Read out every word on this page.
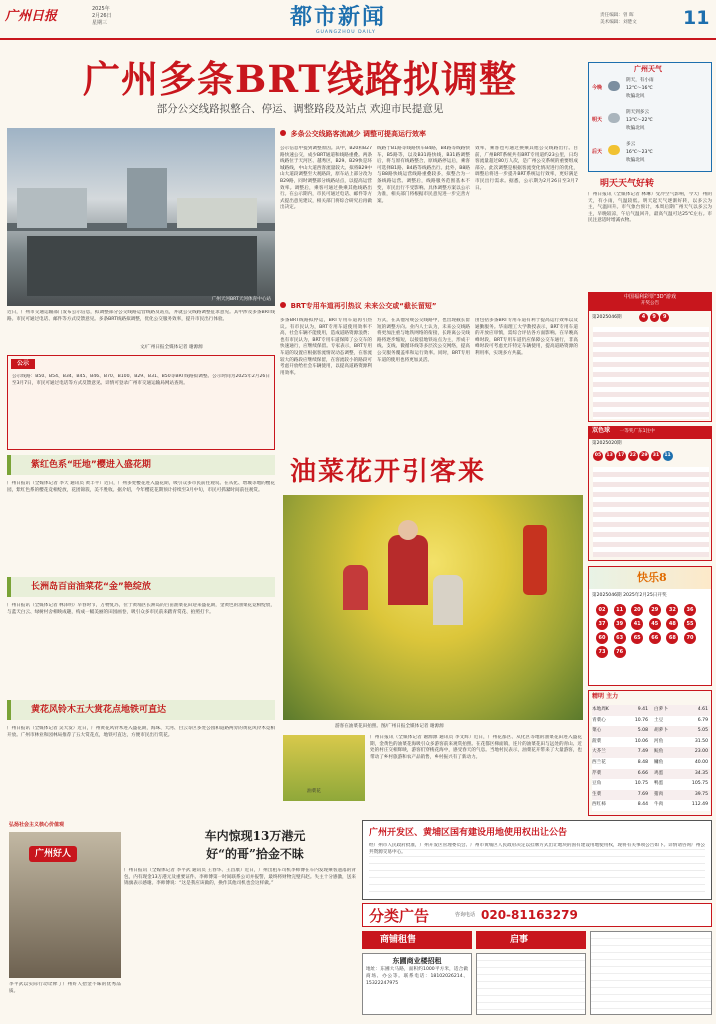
广州日报	2025年
2月26日
星期三	都市新闻
GUANGZHOU DAILY
责任编辑：曾 晖
美术编辑：刘楚文 11
广州多条BRT线路拟调整
部分公交线路拟整合、停运、调整路段及站点 欢迎市民提意见
广州天河BRT天河体育中心站
多条公交线路客流减少 调整可提高运行效率
公示信息中提到调整原因。其中，B20和B27路快速公交，成少BRT通道和线路重叠。两条线路位于天河区、越秀区，B29、B29快是环城路线，中山大道西客流量较大。拟将B29中山大道段调整至大观路段，原车站上部分改为B29路，同时调整部分线路站点，以提高运营效率。调整后，乘客可通过换乘其他线路出行。在公示期内，市民可通过电话、邮件等方式提出意见建议，相关部门将综合研究后再做出决定。
线路于B1路等线路快车B4路，B4路等线路快车，B5路等，以及B31路快线，B31路调整后，将与原有线路整合，原线路停运后，乘客可选择B1路、B4路等线路出行。此外，B8路与B8路快线运营线路重叠较多，拟整合为一条线路运营。调整后，线路服务范围基本不变，市民出行不受影响。具体调整方案以公示为准，相关部门将根据市民意见进一步完善方案。
效率，乘客也可通过换乘其他公交线路出行。目前，广州BRT系统共有BRT专用道约23公里，日均客流量超过80万人次，是广州公交系统的重要组成部分。此次调整是根据客流变化情况进行的优化，调整后将进一步提升BRT系统运行效率，更好满足市民出行需求。据悉，公示期为2月26日至3月7日。
近日，广州市交通运输部门发布公示信息，拟调整部分公交线路运营线路及站点，并就公交线路调整征求意见。其中涉及多条BRT线路。市民可通过电话、邮件等方式反馈意见。多条BRT线路拟调整，优化公交服务效率，提升市民出行体验。
文/广州日报全媒体记者 谢源源
公示
公示线路：B50、B54、B34、B45、B46、B70、B100、B29、B31、B50等BRT线路拟调整。公示时间为2025年2月26日至3月7日，市民可通过电话等方式反馈意见。详情可登录广州市交通运输局网站查询。
BRT专用车道再引热议 未来公交或“截长留短”
多条BRT线路拟停运，BRT专用车道再引热议。有市民认为，BRT专用车道使用效率不高，社会车辆不能使用，造成道路资源浪费；也有市民认为，BRT专用车道保障了公交车的快速通行，应继续保留。专家表示，BRT专用车道的设置应根据客流情况动态调整，在客流较大的路段应继续保留，在客流较小的路段可考虑开放给社会车辆使用，以提高道路资源利用效率。
方式，在其他常规公交线路中，也出现截长留短的调整方向。业内人士认为，未来公交线路将更加注重与地铁网络的衔接，长距离公交线路将逐步缩短，以接驳地铁站点为主，形成干线、支线、微循环线等多层次公交网络，提高公交服务覆盖率和运行效率。同时，BRT专用车道的使用也将更加灵活。
由包括多条BRT专用车道有利于提高运行效率以及通勤服务。华南理工大学教授表示，BRT专用车道的开放应审慎，需综合评估各方面影响。在早晚高峰时段，BRT专用车道仍应保障公交车通行，非高峰时段可考虑允许特定车辆使用，提高道路资源的利用率，实现多方共赢。
广州天气
今晚
阴天，有小雨
12℃～16℃
吹偏北风
明天
阴天到多云
13℃～22℃
吹偏北风
后天
多云
16℃～23℃
吹偏北风
明天天气好转
广州日报讯（全媒体记者 林琳）受冷空气影响，今天广州阴天，有小雨，气温较低。明天起天气逐渐好转，以多云为主，气温回升。市气象台预计，本周后期广州天气以多云为主，早晚较凉，午后气温回升，最高气温可达25℃左右。市民注意适时增减衣物。
中国福利彩票“3D”游戏
开奖公告
第2025046期	4 9 9
双色球 一等奖广东1注中
第2025020期
05 13 17 22 29 31 11
快乐8
第2025046期 2025年2月25日开奖
02 11 20 29 32 36 37 39 41 45 48 55 60 63 65 66 68 70 73 76
精明 主力
本地周K	9.41 白萝卜	4.61
青菜心	10.76 土豆	6.79
菜心	5.08 胡萝卜	5.05
菠菜	10.06 河鱼	31.50
大芥兰	7.49 鲩鱼	23.00
西兰花	8.48 鳙鱼	40.00
芹菜	6.66 鸡蛋	34.35
豆角	10.75 鸭蛋	105.75
生菜	7.69 猪肉	39.75
西红柿	8.44 牛肉	112.49
紫红色系“旺地”樱进入盛花期
广州日报讯（全媒体记者 李天 通讯员 黄丰平）近日，广州多处樱花进入盛花期，吸引众多市民前往观赏。在从化、增城等地的樱花园，紫红色系的樱花竞相绽放，花团锦簇，美不胜收。据介绍，今年樱花花期预计持续至3月中旬，市民可抓紧时间前往观赏。
长洲岛百亩油菜花“金”艳绽放
广州日报讯（全媒体记者 林泽明）早春时节，万物复苏，位于黄埔区长洲岛的百亩油菜花田迎来盛花期，金黄色的油菜花竞相绽放，与蓝天白云、绿树村舍相映成趣，构成一幅美丽的田园画卷，吸引众多市民前来踏青赏花、拍照打卡。
黄花风铃木五大赏花点地铁可直达
广州日报讯（全媒体记者 吴大发）近日，广州黄花风铃木进入盛花期，海珠、天河、白云等区多处公园和道路两旁的黄花风铃木竞相开放。广州市林业和园林局推荐了五大赏花点，地铁可直达，方便市民出行赏花。
油菜花开引客来
游客在油菜花田拍照。图/广州日报全媒体记者 谢源源
油菜花
广州日报讯（全媒体记者 谢源源 通讯员 李文辉）近日，广州花都区、从化区等地的油菜花田进入盛花期，金黄色的油菜花海吸引众多游客前来观赏拍照。在花都区梯面镇，连片的油菜花田与远处的青山、近处的村庄交相辉映，游客们穿梭花海中，感受春天的气息。当地村民表示，油菜花开带来了大量游客，也带动了乡村旅游和农产品销售，乡村振兴有了新动力。
弘扬社会主义核心价值观
广州好人
李平武以实际行动诠释了广州好人拾金不昧的优秀品质。
车内惊现13万港元
好“的哥”拾金不昧
广州日报讯（全媒体记者 李平武 通讯员 王春华、王昌康）近日，广州出租车司机李师傅在车内发现乘客遗落的背包，内有现金13万港元及重要证件。李师傅第一时间联系公司并报警，最终将财物完璧归赵。失主十分感激，送来锦旗表示感谢。李师傅说：“这是我应该做的，换作其他司机也会这样做。”
广州开发区、黄埔区国有建设用地使用权出让公告
经广州市人民政府批准，广州开发区管理委员会、广州市黄埔区人民政府决定以挂牌方式出让地块的国有建设用地使用权，现将有关事项公告如下。详情请咨询广州公共资源交易中心。
分类广告	咨询电话 020-81163279
商铺租售	启事
东圃商业楼招租
地址：东圃大马路，面积约1000平方米，适合做商场、办公等。联系电话：18102026214、15322247975
